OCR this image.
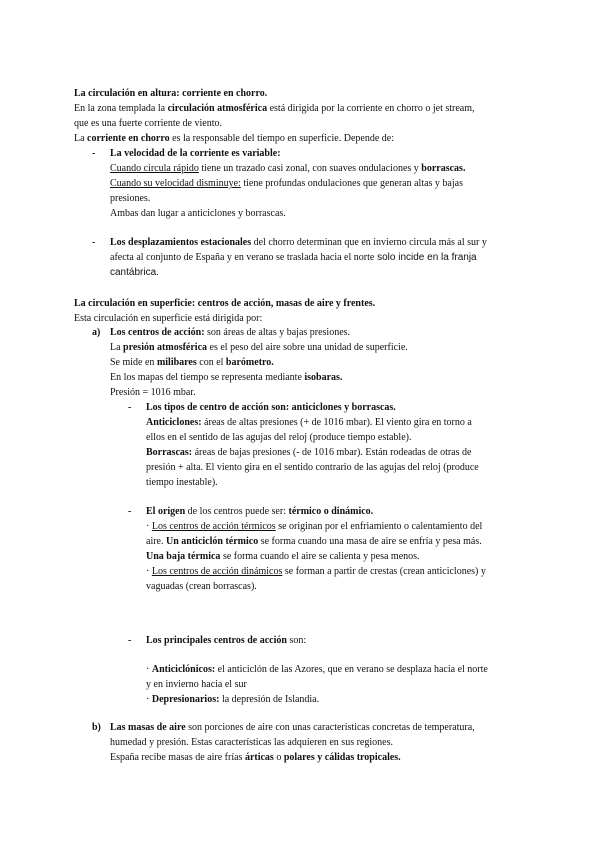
La circulación en altura: corriente en chorro.
En la zona templada la circulación atmosférica está dirigida por la corriente en chorro o jet stream,
que es una fuerte corriente de viento.
La corriente en chorro es la responsable del tiempo en superficie. Depende de:
- La velocidad de la corriente es variable:
Cuando circula rápido tiene un trazado casi zonal, con suaves ondulaciones y borrascas.
Cuando su velocidad disminuye: tiene profundas ondulaciones que generan altas y bajas
presiones.
Ambas dan lugar a anticiclones y borrascas.
- Los desplazamientos estacionales del chorro determinan que en invierno circula más al sur y
afecta al conjunto de España y en verano se traslada hacia el norte solo incide en la franja
cantábrica.
La circulación en superficie: centros de acción, masas de aire y frentes.
Esta circulación en superficie está dirigida por:
a) Los centros de acción: son áreas de altas y bajas presiones.
La presión atmosférica es el peso del aire sobre una unidad de superficie.
Se mide en milibares con el barómetro.
En los mapas del tiempo se representa mediante isobaras.
Presión = 1016 mbar.
- Los tipos de centro de acción son: anticiclones y borrascas.
Anticiclones: áreas de altas presiones (+ de 1016 mbar). El viento gira en torno a
ellos en el sentido de las agujas del reloj (produce tiempo estable).
Borrascas: áreas de bajas presiones (- de 1016 mbar). Están rodeadas de otras de
presión + alta. El viento gira en el sentido contrario de las agujas del reloj (produce
tiempo inestable).
- El origen de los centros puede ser: térmico o dinámico.
· Los centros de acción térmicos se originan por el enfriamiento o calentamiento del
aire. Un anticiclón térmico se forma cuando una masa de aire se enfría y pesa más.
Una baja térmica se forma cuando el aire se calienta y pesa menos.
· Los centros de acción dinámicos se forman a partir de crestas (crean anticiclones) y
vaguadas (crean borrascas).
- Los principales centros de acción son:
· Anticiclónicos: el anticiclón de las Azores, que en verano se desplaza hacia el norte
y en invierno hacia el sur
· Depresionarios: la depresión de Islandia.
b) Las masas de aire son porciones de aire con unas características concretas de temperatura,
humedad y presión. Estas características las adquieren en sus regiones.
España recibe masas de aire frías árticas o polares y cálidas tropicales.
